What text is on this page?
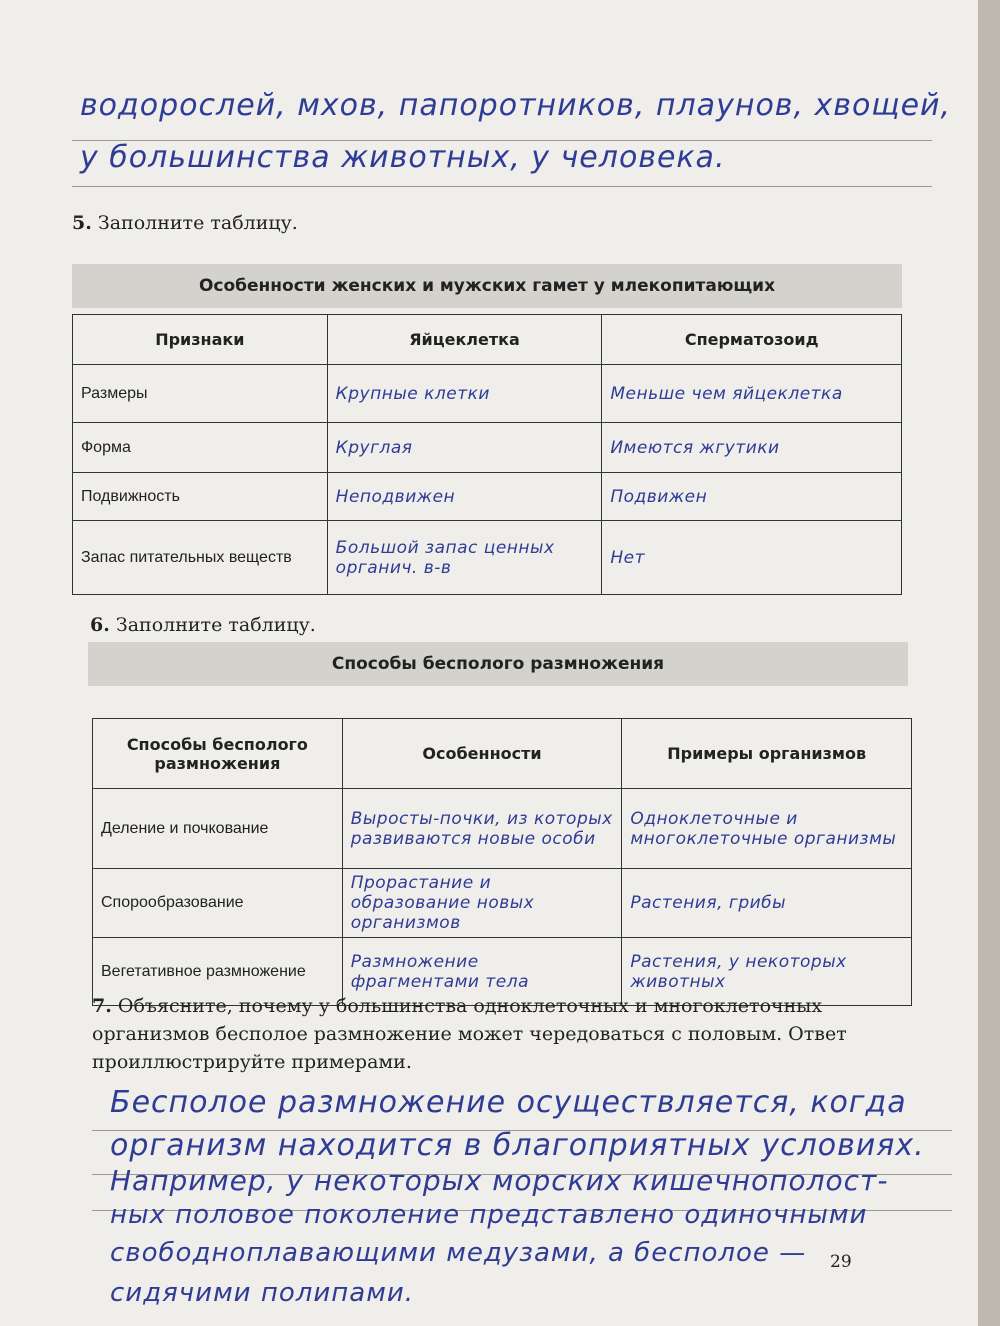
водорослей, мхов, папоротников, плаунов, хвощей,
у большинства животных, у человека.
5. Заполните таблицу.
Особенности женских и мужских гамет у млекопитающих
Признаки	Яйцеклетка	Сперматозоид
Размеры	Крупные клетки	Меньше чем яйцеклетка
Форма	Круглая	Имеются жгутики
Подвижность	Неподвижен	Подвижен
Запас питательных веществ	Большой запас ценных органич. в-в	Нет
6. Заполните таблицу.
Способы бесполого размножения
Способы бесполого размножения	Особенности	Примеры организмов
Деление и почкование	Выросты-почки, из которых развиваются новые особи	Одноклеточные и многоклеточные организмы
Спорообразование	Прорастание и образование новых организмов	Растения, грибы
Вегетативное размножение	Размножение фрагментами тела	Растения, у некоторых животных
7. Объясните, почему у большинства одноклеточных и многоклеточных
организмов бесполое размножение может чередоваться с половым. Ответ
проиллюстрируйте примерами.
Бесполое размножение осуществляется, когда
организм находится в благоприятных условиях.
Например, у некоторых морских кишечнополост-
ных половое поколение представлено одиночными
свободноплавающими медузами, а бесполое —
сидячими полипами.
29
